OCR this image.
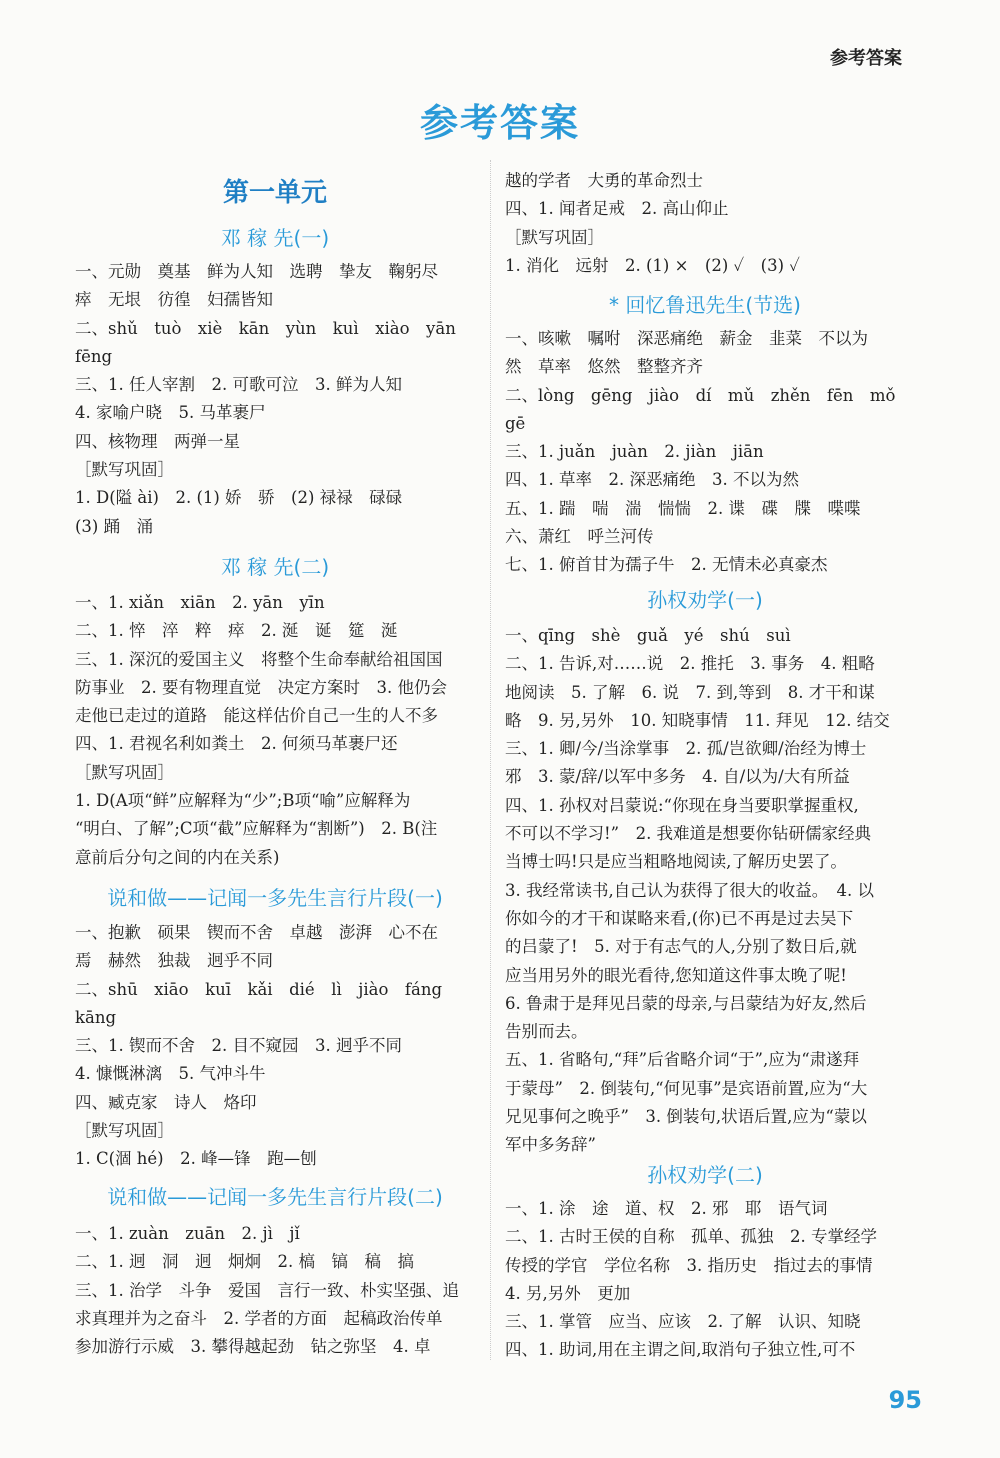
参考答案
参考答案
第一单元
邓 稼 先(一)
一、元勋　奠基　鲜为人知　选聘　挚友　鞠躬尽
瘁　无垠　彷徨　妇孺皆知
二、shǔ　tuò　xiè　kān　yùn　kuì　xiào　yān
fēng
三、1. 任人宰割　2. 可歌可泣　3. 鲜为人知
4. 家喻户晓　5. 马革裹尸
四、核物理　两弹一星
［默写巩固］
1. D(隘 ài)　2. (1) 娇　骄　(2) 禄禄　碌碌
(3) 踊　涌
邓 稼 先(二)
一、1. xiǎn　xiān　2. yān　yīn
二、1. 悴　淬　粹　瘁　2. 涎　诞　筵　涎
三、1. 深沉的爱国主义　将整个生命奉献给祖国国
防事业　2. 要有物理直觉　决定方案时　3. 他仍会
走他已走过的道路　能这样估价自己一生的人不多
四、1. 君视名利如粪土　2. 何须马革裹尸还
［默写巩固］
1. D(A项“鲜”应解释为“少”;B项“喻”应解释为
“明白、了解”;C项“截”应解释为“割断”)　2. B(注
意前后分句之间的内在关系)
说和做——记闻一多先生言行片段(一)
一、抱歉　硕果　锲而不舍　卓越　澎湃　心不在
焉　赫然　独裁　迥乎不同
二、shū　xiāo　kuī　kǎi　dié　lì　jiào　fáng
kāng
三、1. 锲而不舍　2. 目不窥园　3. 迥乎不同
4. 慷慨淋漓　5. 气冲斗牛
四、臧克家　诗人　烙印
［默写巩固］
1. C(涸 hé)　2. 峰—锋　跑—刨
说和做——记闻一多先生言行片段(二)
一、1. zuàn　zuān　2. jì　jǐ
二、1. 迥　洞　迥　炯炯　2. 槁　镐　稿　搞
三、1. 治学　斗争　爱国　言行一致、朴实坚强、追
求真理并为之奋斗　2. 学者的方面　起稿政治传单
参加游行示威　3. 攀得越起劲　钻之弥坚　4. 卓
越的学者　大勇的革命烈士
四、1. 闻者足戒　2. 高山仰止
［默写巩固］
1. 消化　远射　2. (1) ×　(2) ✓　(3) ✓
* 回忆鲁迅先生(节选)
一、咳嗽　嘱咐　深恶痛绝　薪金　韭菜　不以为
然　草率　悠然　整整齐齐
二、lòng　gēng　jiào　dí　mǔ　zhěn　fēn　mǒ
gē
三、1. juǎn　juàn　2. jiàn　jiān
四、1. 草率　2. 深恶痛绝　3. 不以为然
五、1. 踹　喘　湍　惴惴　2. 谍　碟　牒　喋喋
六、萧红　呼兰河传
七、1. 俯首甘为孺子牛　2. 无情未必真豪杰
孙权劝学(一)
一、qīng　shè　guǎ　yé　shú　suì
二、1. 告诉,对……说　2. 推托　3. 事务　4. 粗略
地阅读　5. 了解　6. 说　7. 到,等到　8. 才干和谋
略　9. 另,另外　10. 知晓事情　11. 拜见　12. 结交
三、1. 卿/今/当涂掌事　2. 孤/岂欲卿/治经为博士
邪　3. 蒙/辞/以军中多务　4. 自/以为/大有所益
四、1. 孙权对吕蒙说:“你现在身当要职掌握重权,
不可以不学习!”　2. 我难道是想要你钻研儒家经典
当博士吗!只是应当粗略地阅读,了解历史罢了。
3. 我经常读书,自己认为获得了很大的收益。　4. 以
你如今的才干和谋略来看,(你)已不再是过去吴下
的吕蒙了!　5. 对于有志气的人,分别了数日后,就
应当用另外的眼光看待,您知道这件事太晚了呢!
6. 鲁肃于是拜见吕蒙的母亲,与吕蒙结为好友,然后
告别而去。
五、1. 省略句,“拜”后省略介词“于”,应为“肃遂拜
于蒙母”　2. 倒装句,“何见事”是宾语前置,应为“大
兄见事何之晚乎”　3. 倒装句,状语后置,应为“蒙以
军中多务辞”
孙权劝学(二)
一、1. 涂　途　道、权　2. 邪　耶　语气词
二、1. 古时王侯的自称　孤单、孤独　2. 专掌经学
传授的学官　学位名称　3. 指历史　指过去的事情
4. 另,另外　更加
三、1. 掌管　应当、应该　2. 了解　认识、知晓
四、1. 助词,用在主谓之间,取消句子独立性,可不
95
